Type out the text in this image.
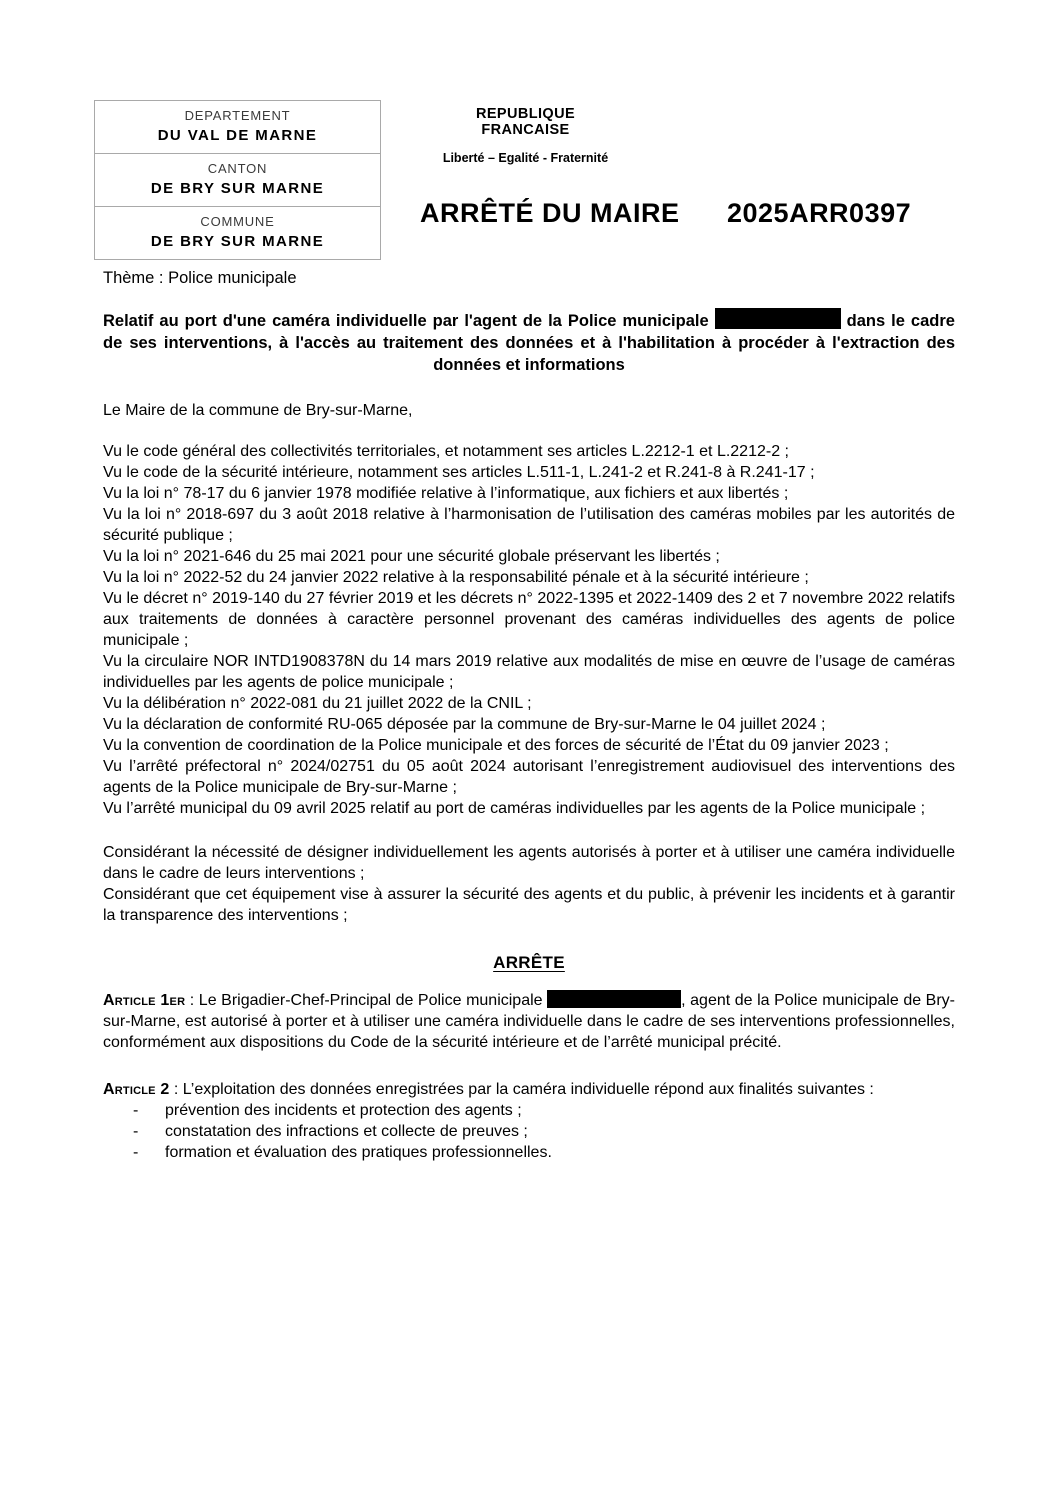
DEPARTEMENT
DU VAL DE MARNE
CANTON
DE BRY SUR MARNE
COMMUNE
DE BRY SUR MARNE
REPUBLIQUE FRANCAISE
Liberté – Egalité - Fraternité
ARRÊTÉ DU MAIRE 2025ARR0397

Thème : Police municipale

Relatif au port d'une caméra individuelle par l'agent de la Police municipale	dans le cadre de ses interventions, à l'accès au traitement des données et à l'habilitation à procéder à l'extraction des données et informations

Le Maire de la commune de Bry-sur-Marne,

Vu le code général des collectivités territoriales, et notamment ses articles L.2212-1 et L.2212-2 ;

Vu le code de la sécurité intérieure, notamment ses articles L.511-1, L.241-2 et R.241-8 à R.241-17 ;

Vu la loi n° 78-17 du 6 janvier 1978 modifiée relative à l’informatique, aux fichiers et aux libertés ;

Vu la loi n° 2018-697 du 3 août 2018 relative à l’harmonisation de l’utilisation des caméras mobiles par les autorités de sécurité publique ;

Vu la loi n° 2021-646 du 25 mai 2021 pour une sécurité globale préservant les libertés ;

Vu la loi n° 2022-52 du 24 janvier 2022 relative à la responsabilité pénale et à la sécurité intérieure ;

Vu le décret n° 2019-140 du 27 février 2019 et les décrets n° 2022-1395 et 2022-1409 des 2 et 7 novembre 2022 relatifs aux traitements de données à caractère personnel provenant des caméras individuelles des agents de police municipale ;

Vu la circulaire NOR INTD1908378N du 14 mars 2019 relative aux modalités de mise en œuvre de l’usage de caméras individuelles par les agents de police municipale ;

Vu la délibération n° 2022-081 du 21 juillet 2022 de la CNIL ;

Vu la déclaration de conformité RU-065 déposée par la commune de Bry-sur-Marne le 04 juillet 2024 ;

Vu la convention de coordination de la Police municipale et des forces de sécurité de l’État du 09 janvier 2023 ;

Vu l’arrêté préfectoral n° 2024/02751 du 05 août 2024 autorisant l’enregistrement audiovisuel des interventions des agents de la Police municipale de Bry-sur-Marne ;

Vu l’arrêté municipal du 09 avril 2025 relatif au port de caméras individuelles par les agents de la Police municipale ;

Considérant la nécessité de désigner individuellement les agents autorisés à porter et à utiliser une caméra individuelle dans le cadre de leurs interventions ;

Considérant que cet équipement vise à assurer la sécurité des agents et du public, à prévenir les incidents et à garantir la transparence des interventions ;

ARRÊTE

Article 1er : Le Brigadier-Chef-Principal de Police municipale	, agent de la Police municipale de Bry-sur-Marne, est autorisé à porter et à utiliser une caméra individuelle dans le cadre de ses interventions professionnelles, conformément aux dispositions du Code de la sécurité intérieure et de l’arrêté municipal précité.

Article 2 : L’exploitation des données enregistrées par la caméra individuelle répond aux finalités suivantes :

- prévention des incidents et protection des agents ;
- constatation des infractions et collecte de preuves ;
- formation et évaluation des pratiques professionnelles.
